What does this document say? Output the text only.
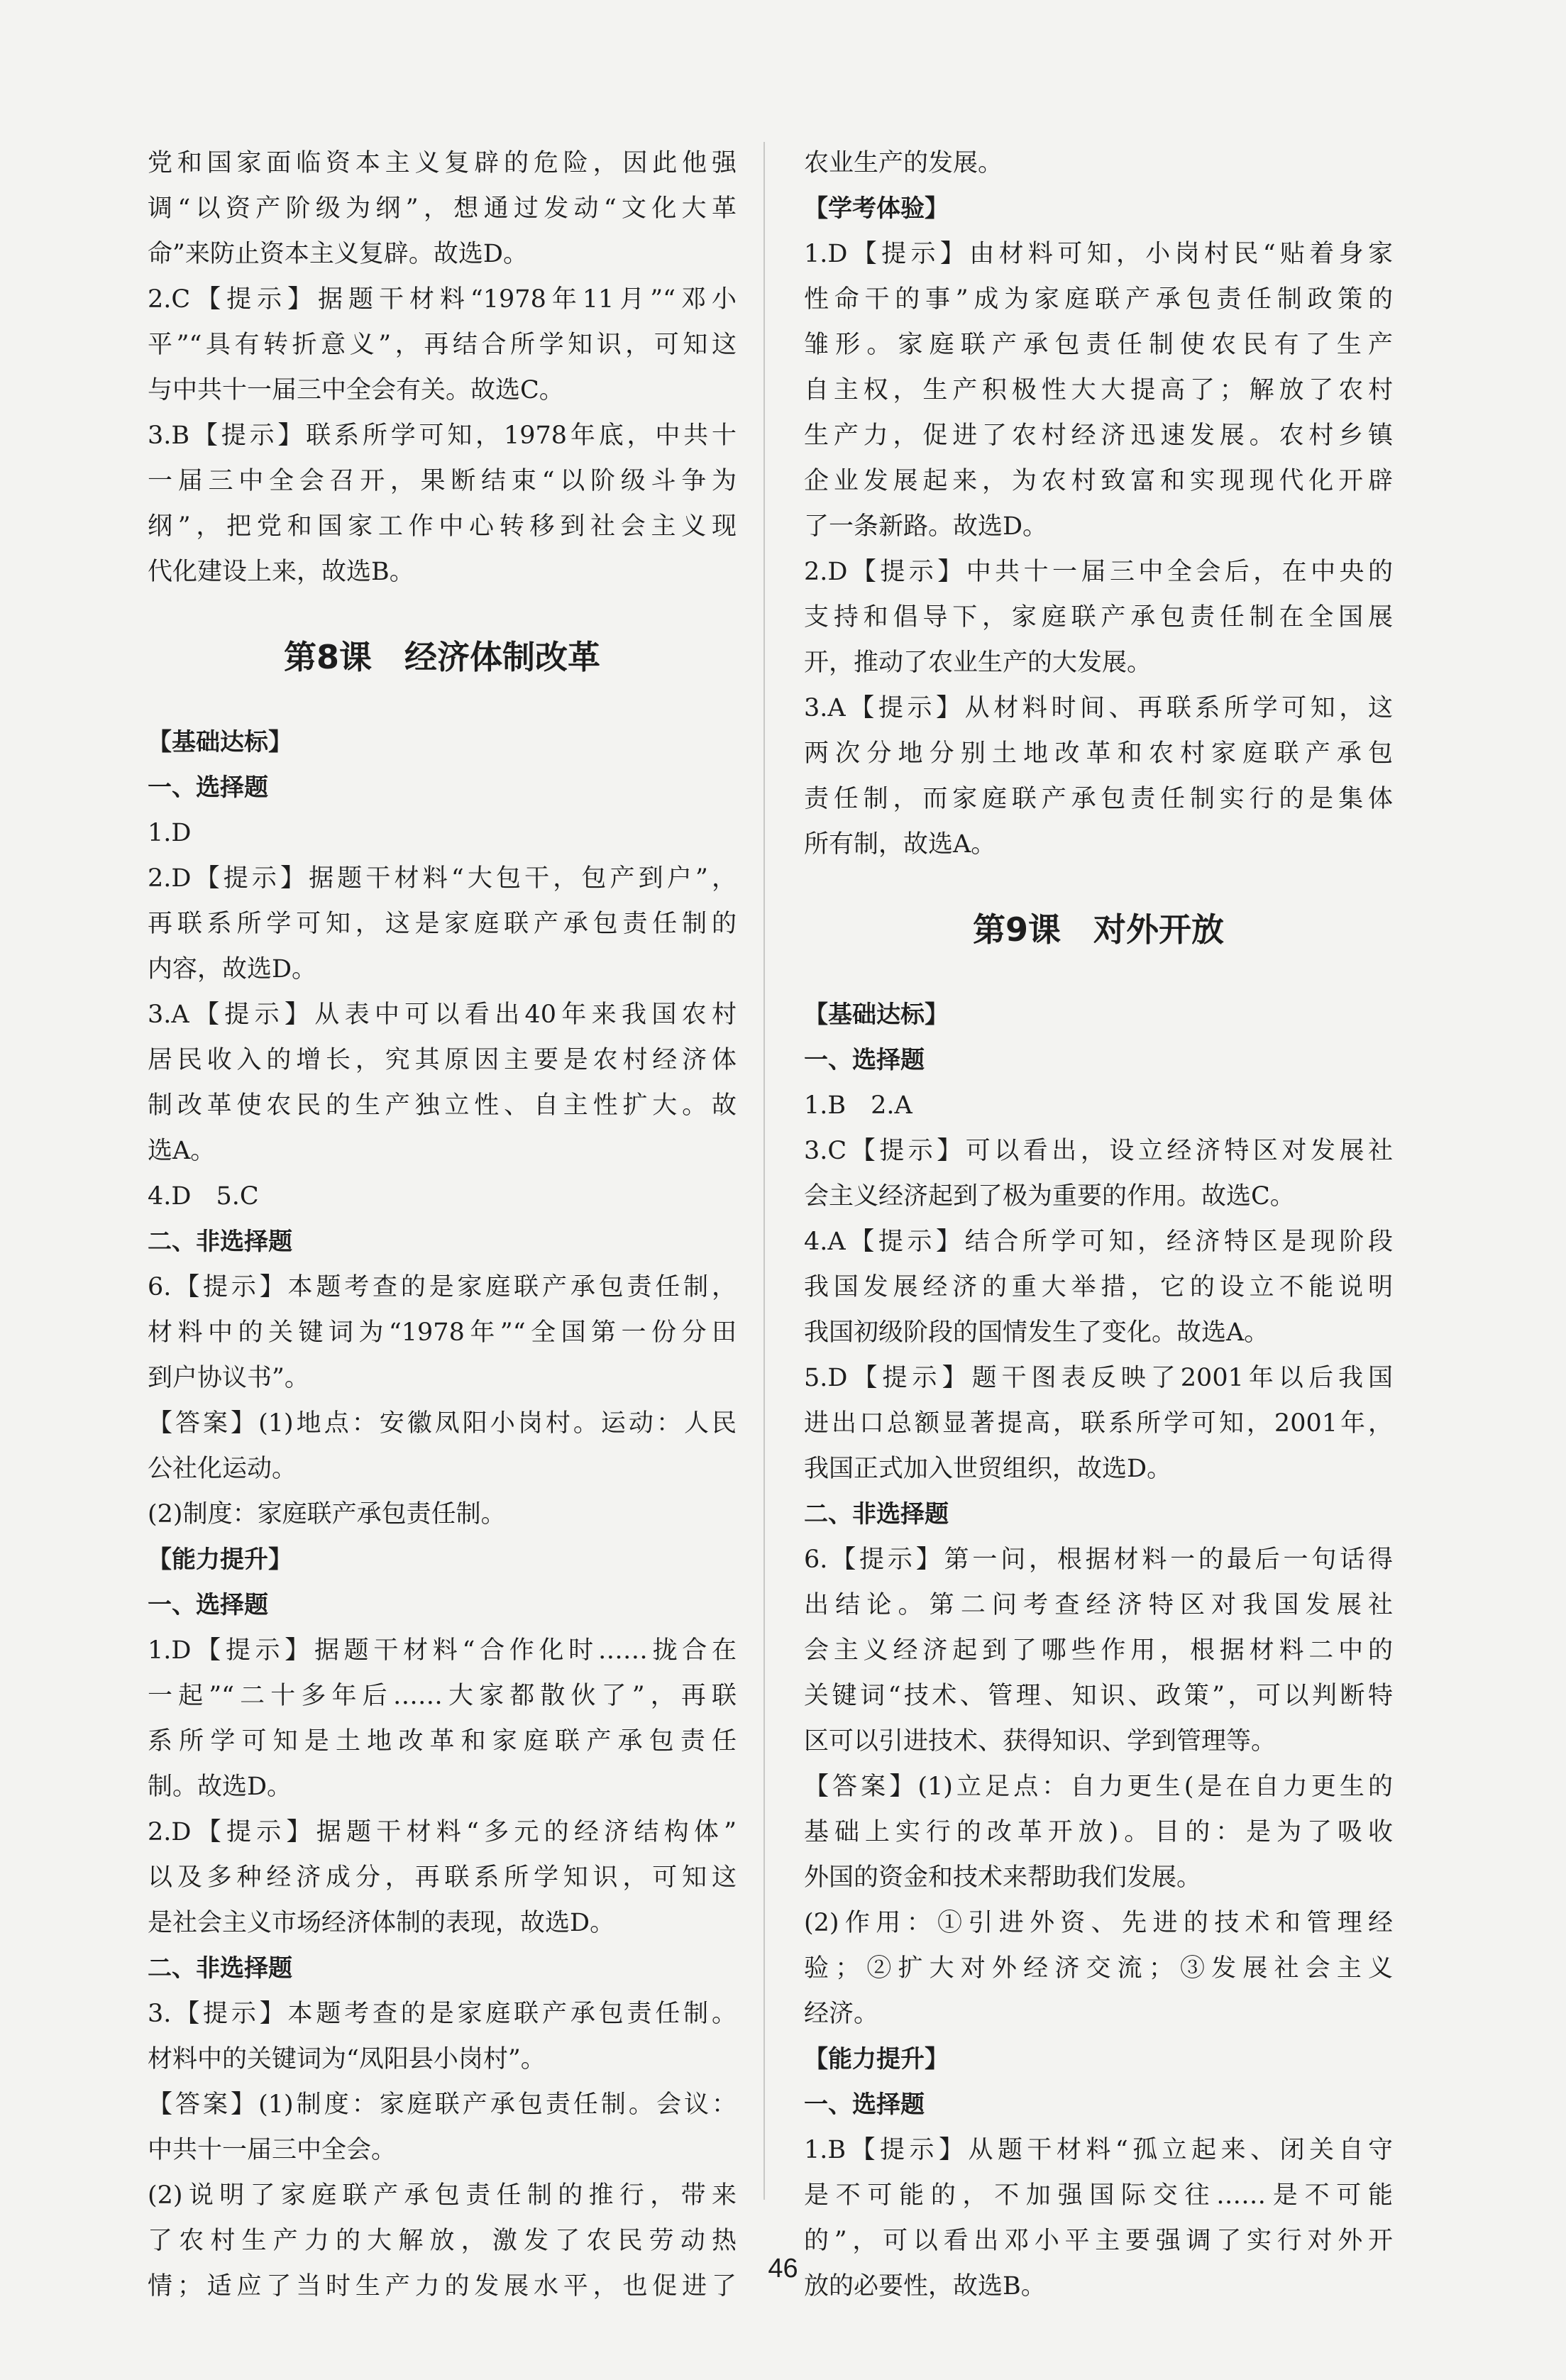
党和国家面临资本主义复辟的危险，因此他强
调“以资产阶级为纲”，想通过发动“文化大革
命”来防止资本主义复辟。故选D。
2.C【提示】据题干材料“1978年11月”“邓小
平”“具有转折意义”，再结合所学知识，可知这
与中共十一届三中全会有关。故选C。
3.B【提示】联系所学可知，1978年底，中共十
一届三中全会召开，果断结束“以阶级斗争为
纲”，把党和国家工作中心转移到社会主义现
代化建设上来，故选B。
第8课　经济体制改革
【基础达标】
一、选择题
1.D
2.D【提示】据题干材料“大包干，包产到户”，
再联系所学可知，这是家庭联产承包责任制的
内容，故选D。
3.A【提示】从表中可以看出40年来我国农村
居民收入的增长，究其原因主要是农村经济体
制改革使农民的生产独立性、自主性扩大。故
选A。
4.D　5.C
二、非选择题
6.【提示】本题考查的是家庭联产承包责任制，
材料中的关键词为“1978年”“全国第一份分田
到户协议书”。
【答案】(1)地点：安徽凤阳小岗村。运动：人民
公社化运动。
(2)制度：家庭联产承包责任制。
【能力提升】
一、选择题
1.D【提示】据题干材料“合作化时……拢合在
一起”“二十多年后……大家都散伙了”，再联
系所学可知是土地改革和家庭联产承包责任
制。故选D。
2.D【提示】据题干材料“多元的经济结构体”
以及多种经济成分，再联系所学知识，可知这
是社会主义市场经济体制的表现，故选D。
二、非选择题
3.【提示】本题考查的是家庭联产承包责任制。
材料中的关键词为“凤阳县小岗村”。
【答案】(1)制度：家庭联产承包责任制。会议：
中共十一届三中全会。
(2)说明了家庭联产承包责任制的推行，带来
了农村生产力的大解放，激发了农民劳动热
情；适应了当时生产力的发展水平，也促进了
农业生产的发展。
【学考体验】
1.D【提示】由材料可知，小岗村民“贴着身家
性命干的事”成为家庭联产承包责任制政策的
雏形。家庭联产承包责任制使农民有了生产
自主权，生产积极性大大提高了；解放了农村
生产力，促进了农村经济迅速发展。农村乡镇
企业发展起来，为农村致富和实现现代化开辟
了一条新路。故选D。
2.D【提示】中共十一届三中全会后，在中央的
支持和倡导下，家庭联产承包责任制在全国展
开，推动了农业生产的大发展。
3.A【提示】从材料时间、再联系所学可知，这
两次分地分别土地改革和农村家庭联产承包
责任制，而家庭联产承包责任制实行的是集体
所有制，故选A。
第9课　对外开放
【基础达标】
一、选择题
1.B　2.A
3.C【提示】可以看出，设立经济特区对发展社
会主义经济起到了极为重要的作用。故选C。
4.A【提示】结合所学可知，经济特区是现阶段
我国发展经济的重大举措，它的设立不能说明
我国初级阶段的国情发生了变化。故选A。
5.D【提示】题干图表反映了2001年以后我国
进出口总额显著提高，联系所学可知，2001年，
我国正式加入世贸组织，故选D。
二、非选择题
6.【提示】第一问，根据材料一的最后一句话得
出结论。第二问考查经济特区对我国发展社
会主义经济起到了哪些作用，根据材料二中的
关键词“技术、管理、知识、政策”，可以判断特
区可以引进技术、获得知识、学到管理等。
【答案】(1)立足点：自力更生(是在自力更生的
基础上实行的改革开放)。目的：是为了吸收
外国的资金和技术来帮助我们发展。
(2)作用：①引进外资、先进的技术和管理经
验；②扩大对外经济交流；③发展社会主义
经济。
【能力提升】
一、选择题
1.B【提示】从题干材料“孤立起来、闭关自守
是不可能的，不加强国际交往……是不可能
的”，可以看出邓小平主要强调了实行对外开
放的必要性，故选B。
46
